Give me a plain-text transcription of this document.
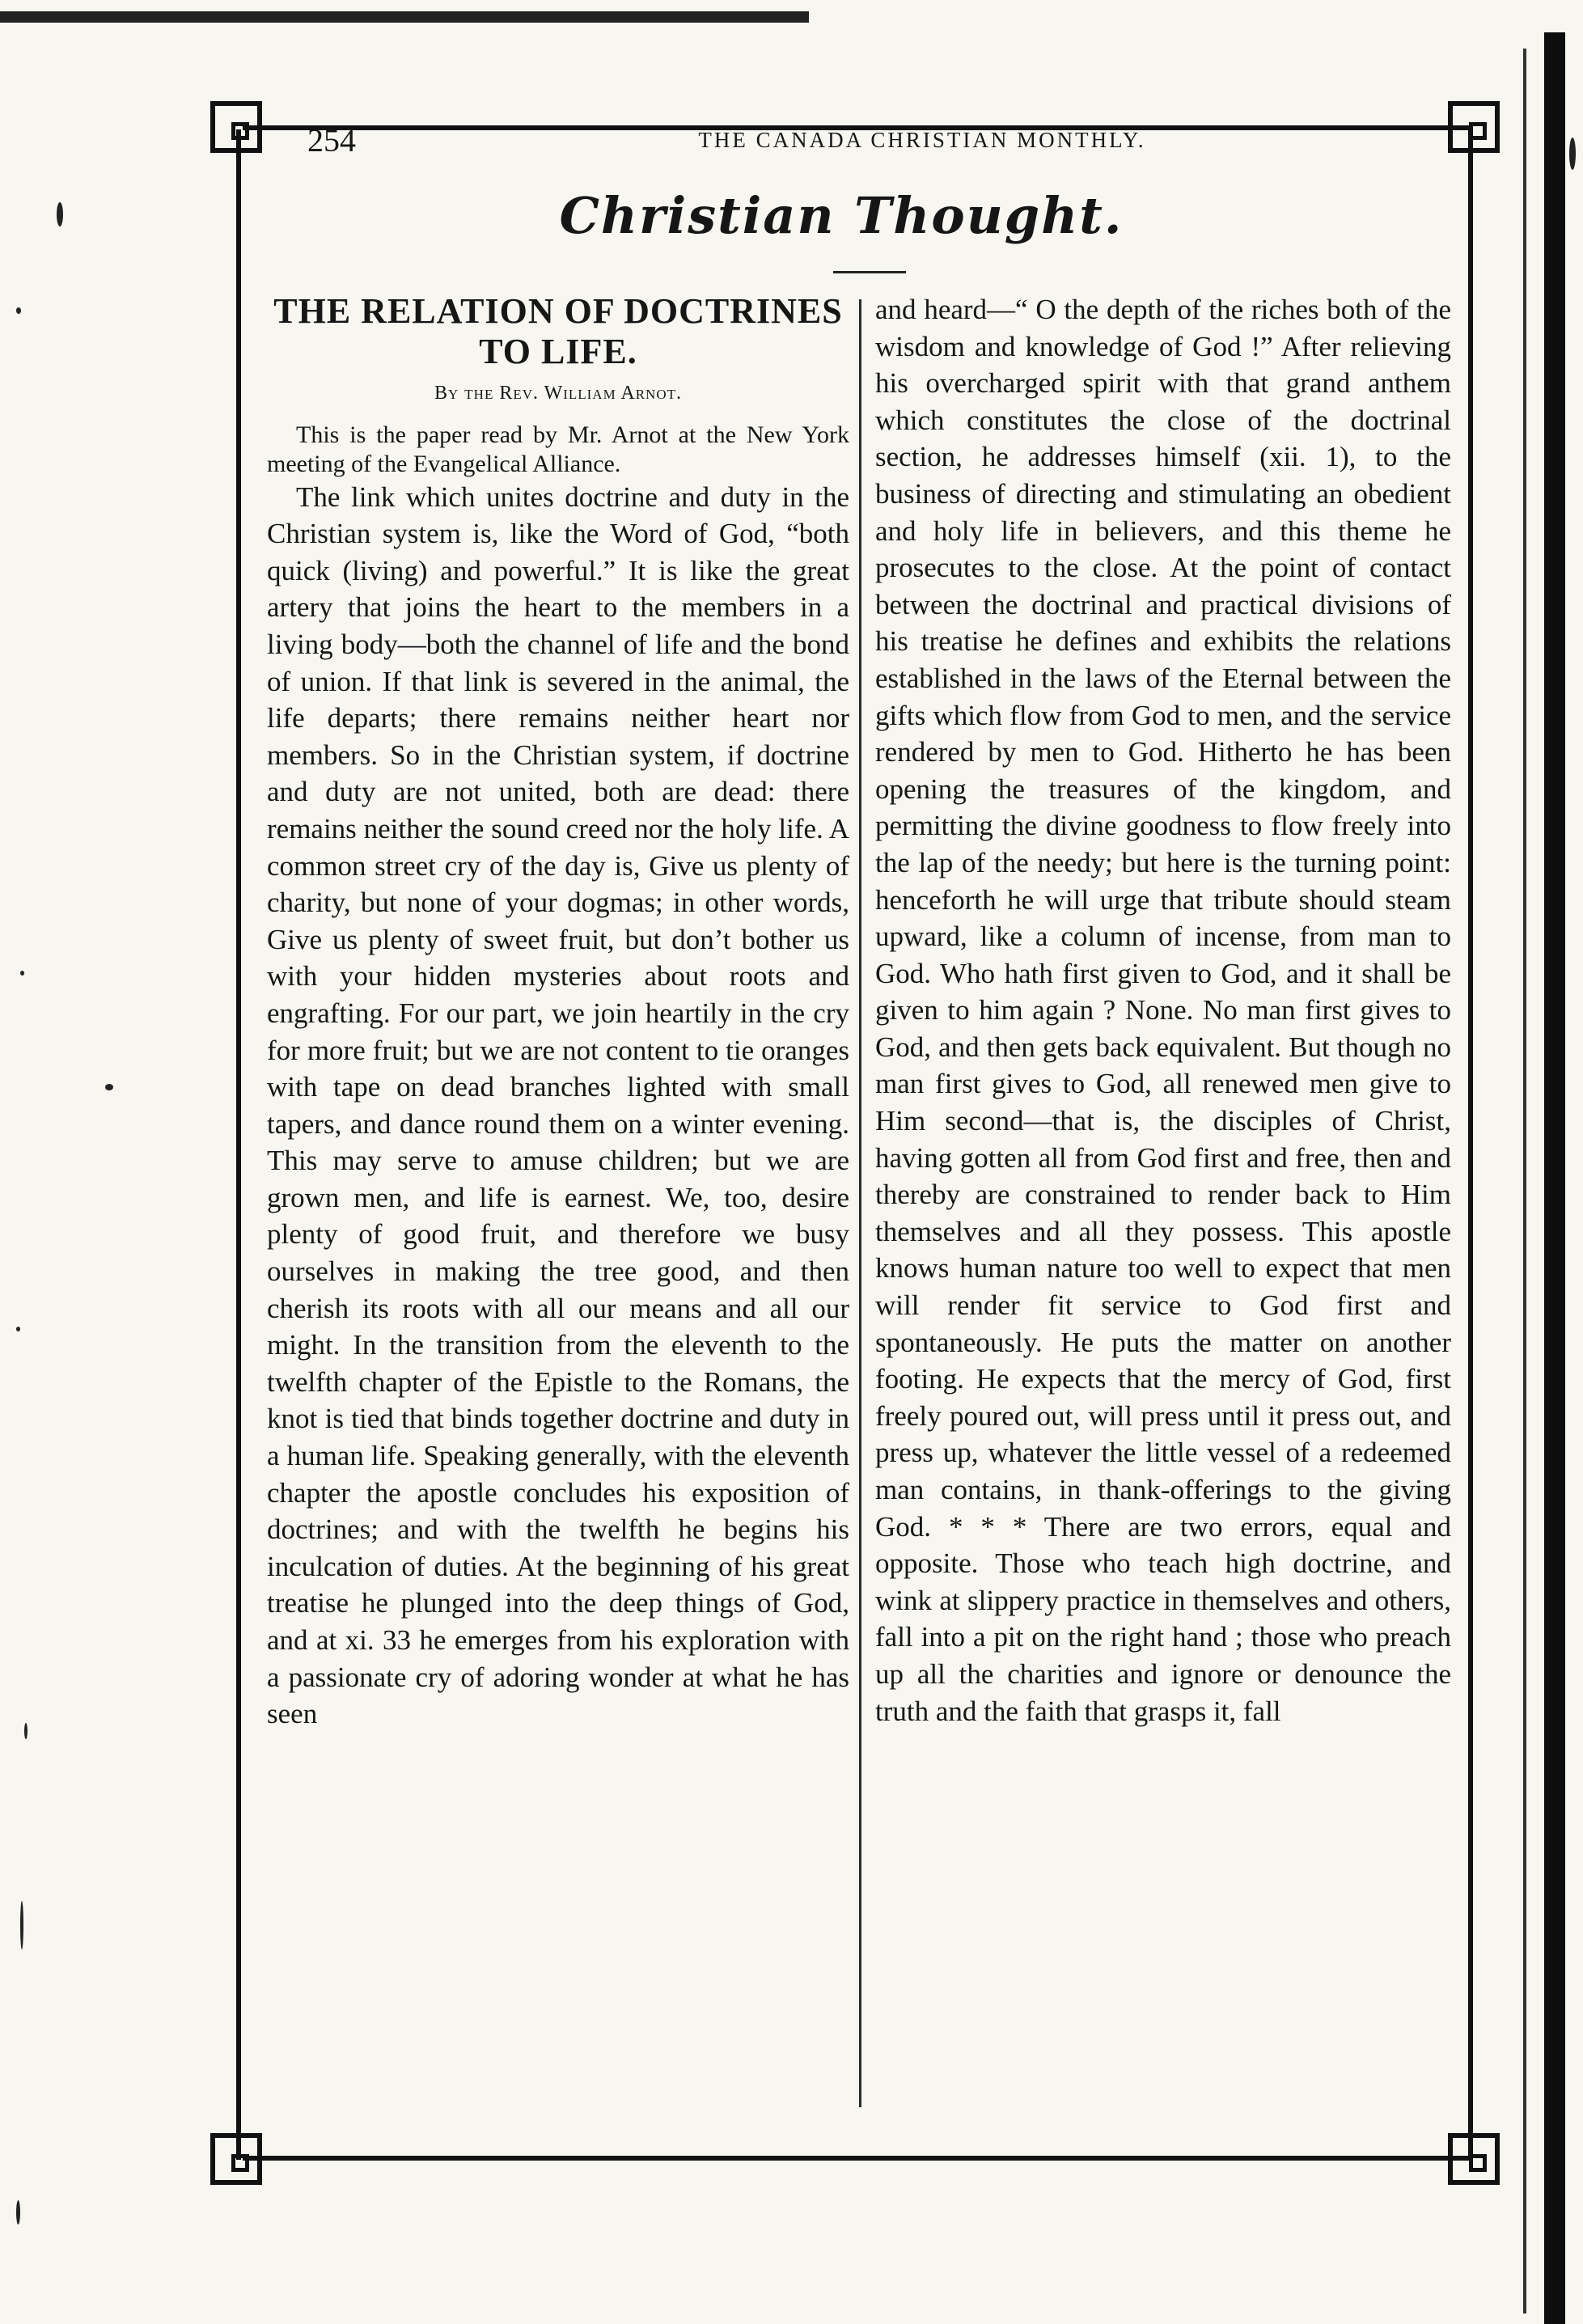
254	THE CANADA CHRISTIAN MONTHLY.
Christian Thought.
THE RELATION OF DOCTRINES TO LIFE.
By the Rev. William Arnot.

This is the paper read by Mr. Arnot at the New York meeting of the Evangelical Alliance.

The link which unites doctrine and duty in the Christian system is, like the Word of God, “both quick (living) and powerful.” It is like the great artery that joins the heart to the members in a living body—both the channel of life and the bond of union. If that link is severed in the animal, the life departs; there remains neither heart nor members. So in the Christian system, if doctrine and duty are not united, both are dead: there remains neither the sound creed nor the holy life. A common street cry of the day is, Give us plenty of charity, but none of your dogmas; in other words, Give us plenty of sweet fruit, but don’t bother us with your hidden mysteries about roots and engrafting. For our part, we join heartily in the cry for more fruit; but we are not content to tie oranges with tape on dead branches lighted with small tapers, and dance round them on a winter evening. This may serve to amuse children; but we are grown men, and life is earnest. We, too, desire plenty of good fruit, and therefore we busy ourselves in making the tree good, and then cherish its roots with all our means and all our might. In the transition from the eleventh to the twelfth chapter of the Epistle to the Romans, the knot is tied that binds together doctrine and duty in a human life. Speaking generally, with the eleventh chapter the apostle concludes his exposition of doctrines; and with the twelfth he begins his inculcation of duties. At the beginning of his great treatise he plunged into the deep things of God, and at xi. 33 he emerges from his exploration with a passionate cry of adoring wonder at what he has seen

and heard—“ O the depth of the riches both of the wisdom and knowledge of God !” After relieving his overcharged spirit with that grand anthem which constitutes the close of the doctrinal section, he addresses himself (xii. 1), to the business of directing and stimulating an obedient and holy life in believers, and this theme he prosecutes to the close. At the point of contact between the doctrinal and practical divisions of his treatise he defines and exhibits the relations established in the laws of the Eternal between the gifts which flow from God to men, and the service rendered by men to God. Hitherto he has been opening the treasures of the kingdom, and permitting the divine goodness to flow freely into the lap of the needy; but here is the turning point: henceforth he will urge that tribute should steam upward, like a column of incense, from man to God. Who hath first given to God, and it shall be given to him again ? None. No man first gives to God, and then gets back equivalent. But though no man first gives to God, all renewed men give to Him second—that is, the disciples of Christ, having gotten all from God first and free, then and thereby are constrained to render back to Him themselves and all they possess. This apostle knows human nature too well to expect that men will render fit service to God first and spontaneously. He puts the matter on another footing. He expects that the mercy of God, first freely poured out, will press until it press out, and press up, whatever the little vessel of a redeemed man contains, in thank-offerings to the giving God. * * * There are two errors, equal and opposite. Those who teach high doctrine, and wink at slippery practice in themselves and others, fall into a pit on the right hand ; those who preach up all the charities and ignore or denounce the truth and the faith that grasps it, fall
